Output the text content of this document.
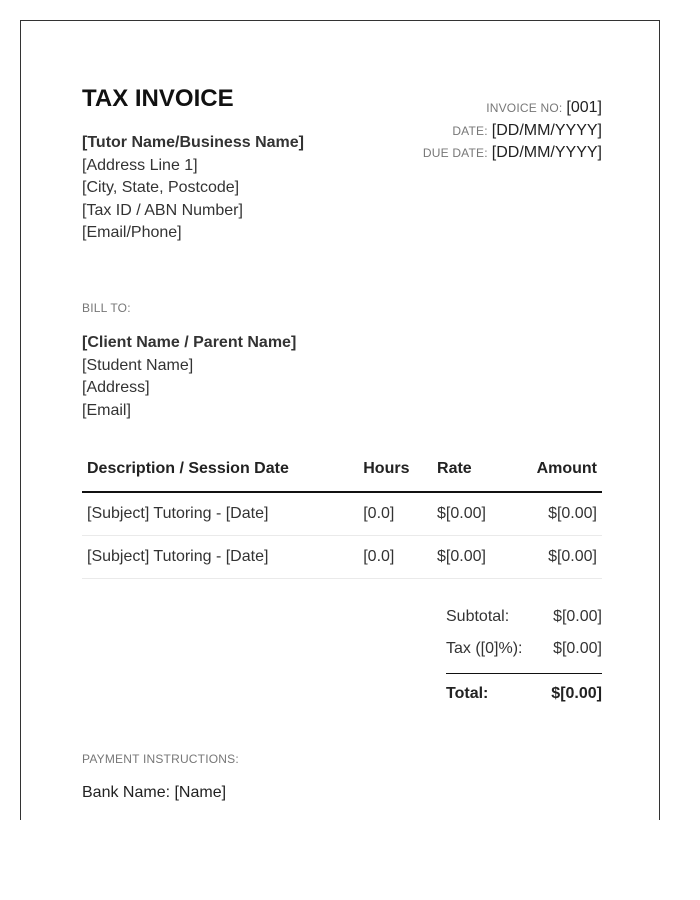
TAX INVOICE
[Tutor Name/Business Name]
[Address Line 1]
[City, State, Postcode]
[Tax ID / ABN Number]
[Email/Phone]
INVOICE NO: [001]
DATE: [DD/MM/YYYY]
DUE DATE: [DD/MM/YYYY]
BILL TO:
[Client Name / Parent Name]
[Student Name]
[Address]
[Email]
Description / Session Date	Hours	Rate	Amount
[Subject] Tutoring - [Date]	[0.0]	$[0.00]	$[0.00]
[Subject] Tutoring - [Date]	[0.0]	$[0.00]	$[0.00]
Subtotal:	$[0.00]
Tax ([0]%): $[0.00]
Total:	$[0.00]
PAYMENT INSTRUCTIONS:
Bank Name: [Name]
